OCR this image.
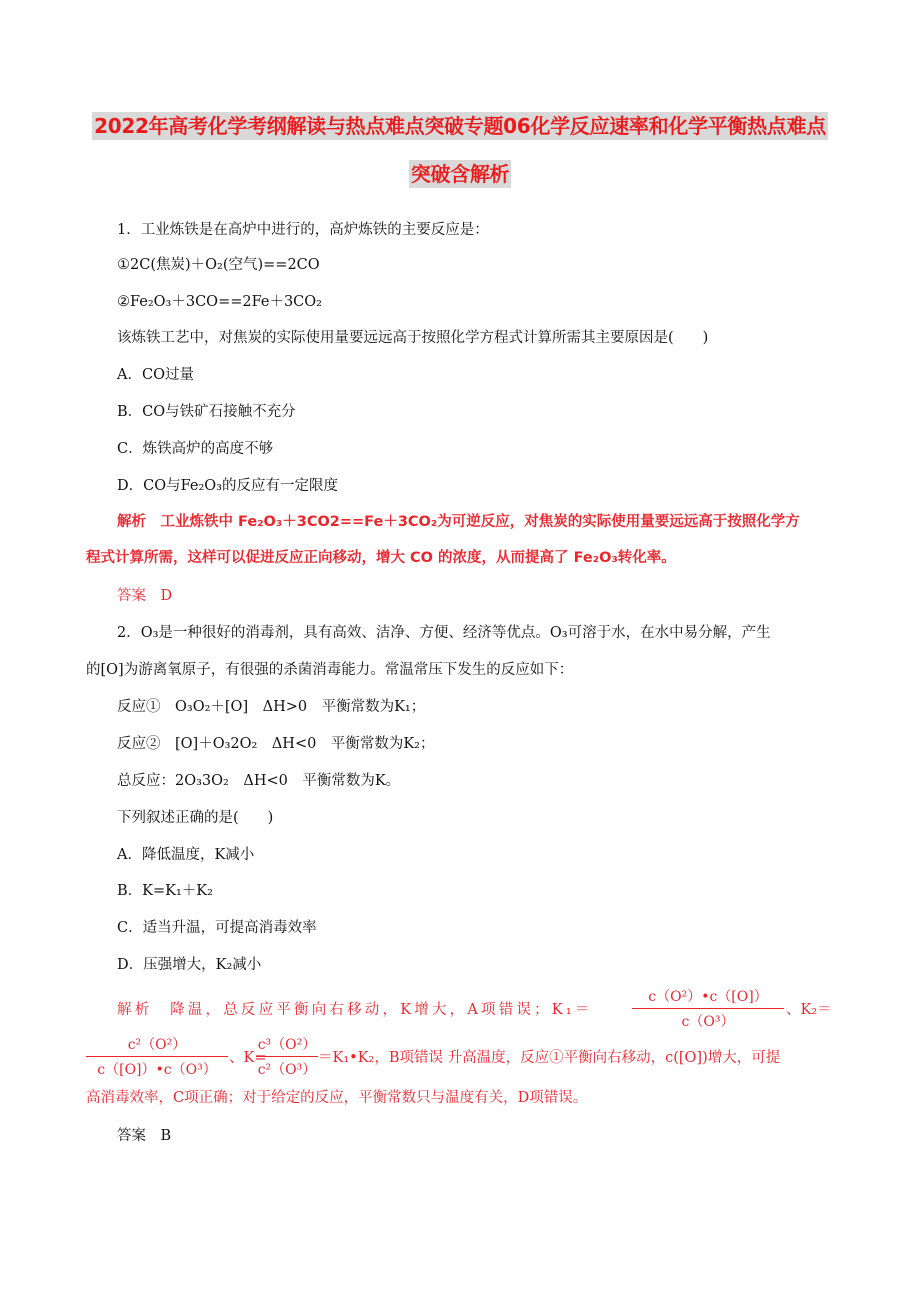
2022年高考化学考纲解读与热点难点突破专题06化学反应速率和化学平衡热点难点
突破含解析
1．工业炼铁是在高炉中进行的，高炉炼铁的主要反应是：
①2C(焦炭)＋O₂(空气)==2CO
②Fe₂O₃＋3CO==2Fe＋3CO₂
该炼铁工艺中，对焦炭的实际使用量要远远高于按照化学方程式计算所需其主要原因是(　　)
A．CO过量
B．CO与铁矿石接触不充分
C．炼铁高炉的高度不够
D．CO与Fe₂O₃的反应有一定限度
解析　工业炼铁中 Fe₂O₃＋3CO2==Fe＋3CO₂为可逆反应，对焦炭的实际使用量要远远高于按照化学方
程式计算所需，这样可以促进反应正向移动，增大 CO 的浓度，从而提高了 Fe₂O₃转化率。
答案　D
2．O₃是一种很好的消毒剂，具有高效、洁净、方便、经济等优点。O₃可溶于水，在水中易分解，产生
的[O]为游离氧原子，有很强的杀菌消毒能力。常温常压下发生的反应如下：
反应①　O₃O₂＋[O]　ΔH>0　平衡常数为K₁；
反应②　[O]＋O₃2O₂　ΔH<0　平衡常数为K₂；
总反应：2O₃3O₂　ΔH<0　平衡常数为K。
下列叙述正确的是(　　)
A．降低温度，K减小
B．K=K₁＋K₂
C．适当升温，可提高消毒效率
D．压强增大，K₂减小
解析　降温，总反应平衡向右移动，K增大，A项错误；K₁＝
c（O²）•c（[O]）
c（O³）
、K₂＝
c²（O²）
c（[O]）•c（O³）
、K=
c³（O²）
c²（O³）
＝K₁•K₂，B项错误 升高温度，反应①平衡向右移动，c([O])增大，可提
高消毒效率，C项正确；对于给定的反应，平衡常数只与温度有关，D项错误。
答案　B
